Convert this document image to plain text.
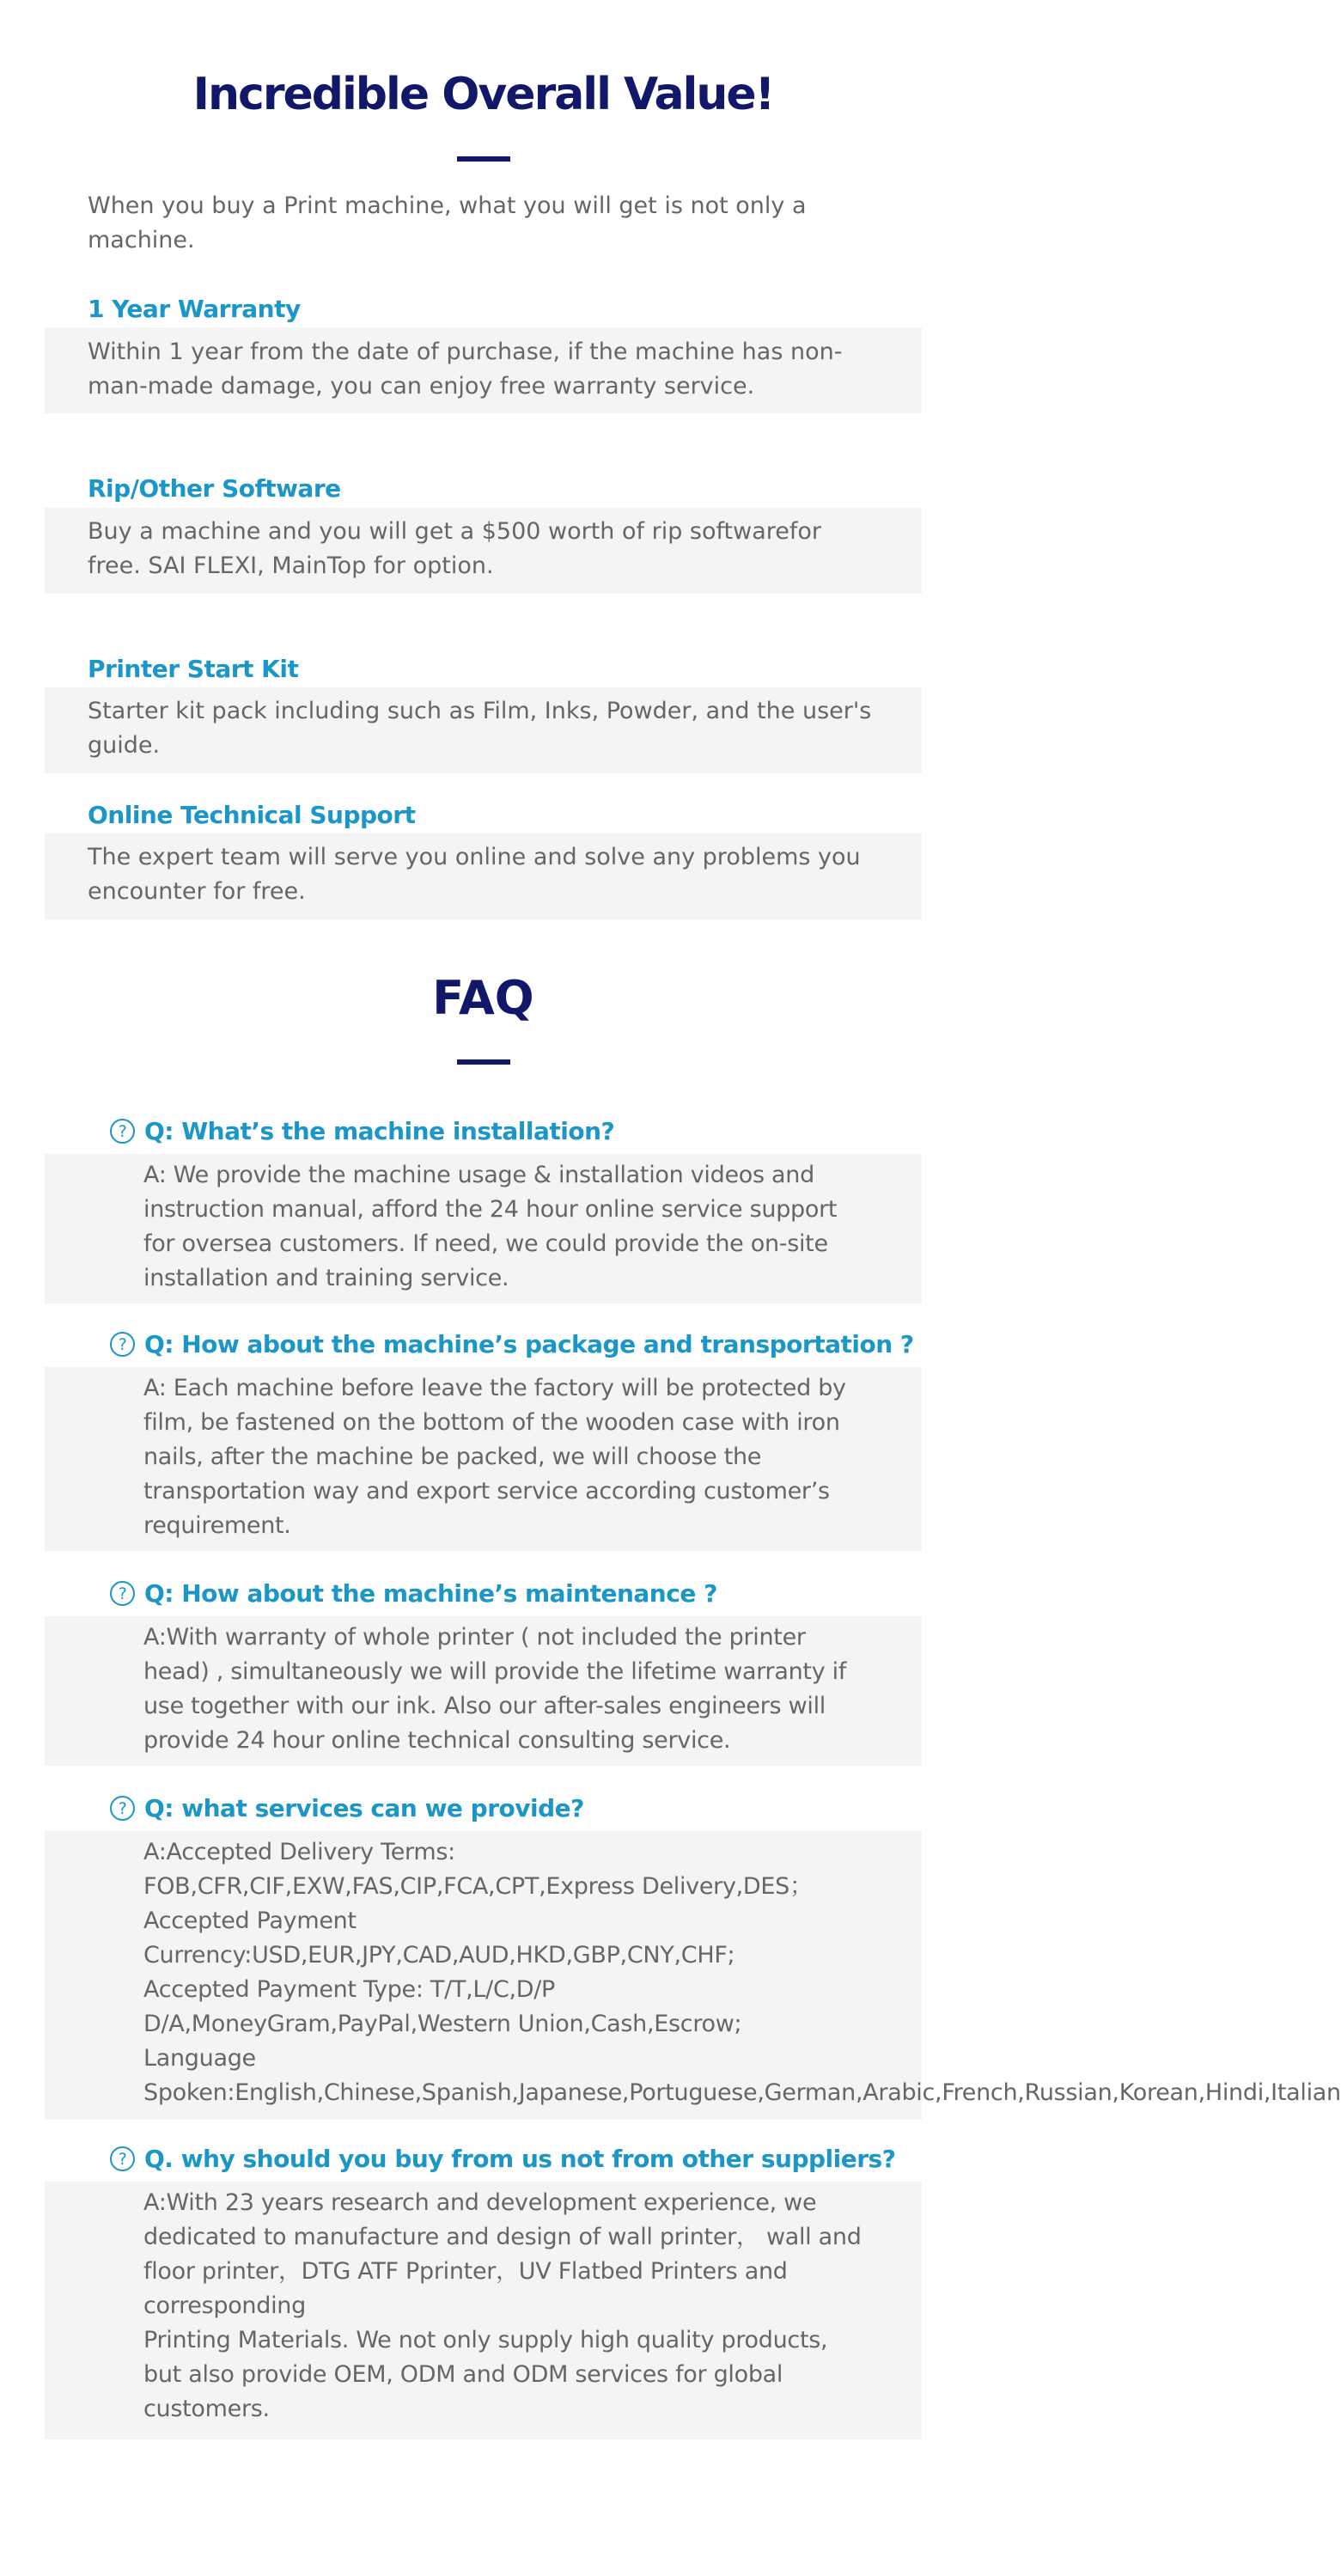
Incredible Overall Value!

When you buy a Print machine, what you will get is not only a machine.

1 Year Warranty

Within 1 year from the date of purchase, if the machine has non-man-made damage, you can enjoy free warranty service.

Rip/Other Software

Buy a machine and you will get a $500 worth of rip softwarefor free. SAI FLEXI, MainTop for option.

Printer Start Kit

Starter kit pack including such as Film, Inks, Powder, and the user's guide.

Online Technical Support

The expert team will serve you online and solve any problems you encounter for free.

FAQ
? Q: What’s the machine installation?

A: We provide the machine usage & installation videos and instruction manual, afford the 24 hour online service support for oversea customers. If need, we could provide the on-site installation and training service.

? Q: How about the machine’s package and transportation ?

A: Each machine before leave the factory will be protected by film, be fastened on the bottom of the wooden case with iron nails, after the machine be packed, we will choose the transportation way and export service according customer’s requirement.

? Q: How about the machine’s maintenance ?

A:With warranty of whole printer ( not included the printer head) , simultaneously we will provide the lifetime warranty if use together with our ink. Also our after-sales engineers will provide 24 hour online technical consulting service.

? Q: what services can we provide?

A:Accepted Delivery Terms: FOB,CFR,CIF,EXW,FAS,CIP,FCA,CPT,Express Delivery,DES；
Accepted Payment Currency:USD,EUR,JPY,CAD,AUD,HKD,GBP,CNY,CHF;
Accepted Payment Type: T/T,L/C,D/P D/A,MoneyGram,PayPal,Western Union,Cash,Escrow;
Language Spoken:English,Chinese,Spanish,Japanese,Portuguese,German,Arabic,French,Russian,Korean,Hindi,Italian

? Q. why should you buy from us not from other suppliers?

A:With 23 years research and development experience, we dedicated to manufacture and design of wall printer， wall and floor printer，DTG ATF Pprinter，UV Flatbed Printers and corresponding
Printing Materials. We not only supply high quality products, but also provide OEM, ODM and ODM services for global customers.
